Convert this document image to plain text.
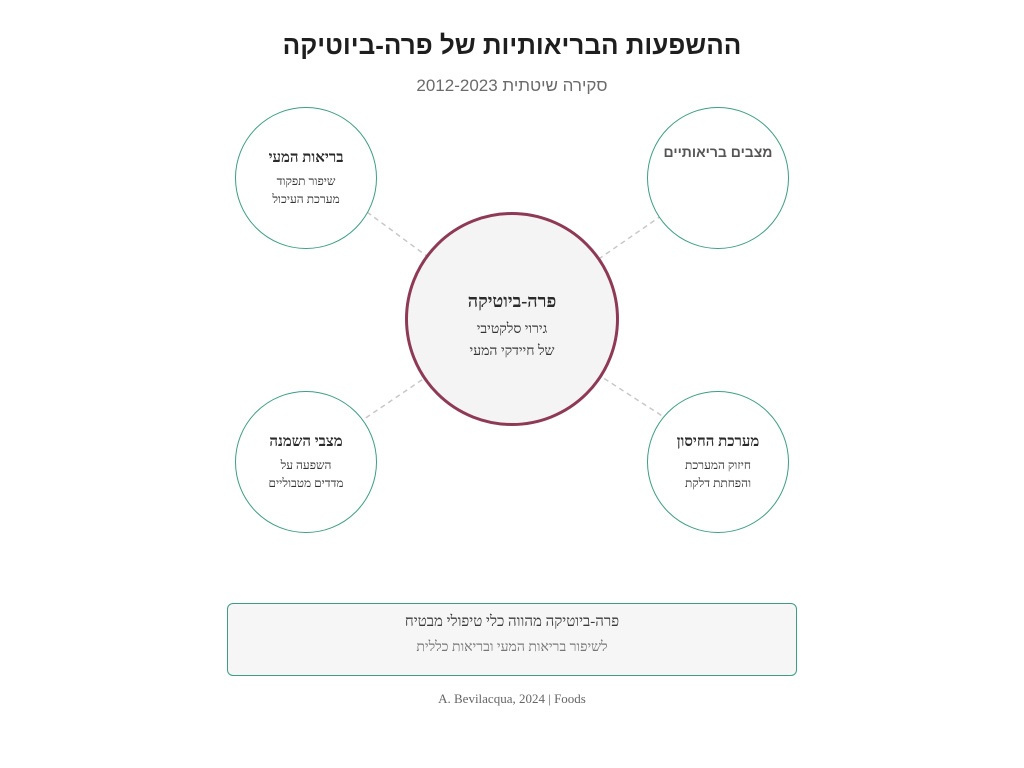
ההשפעות הבריאותיות של פרה-ביוטיקה
סקירה שיטתית 2012-2023
בריאות המעי
שיפור תפקוד
מערכת העיכול
מצבים בריאותיים
פרה-ביוטיקה
גירוי סלקטיבי
של חיידקי המעי
מצבי השמנה
השפעה על
מדדים מטבוליים
מערכת החיסון
חיזוק המערכת
והפחתת דלקת
פרה-ביוטיקה מהווה כלי טיפולי מבטיח
לשיפור בריאות המעי ובריאות כללית
A. Bevilacqua, 2024 | Foods
